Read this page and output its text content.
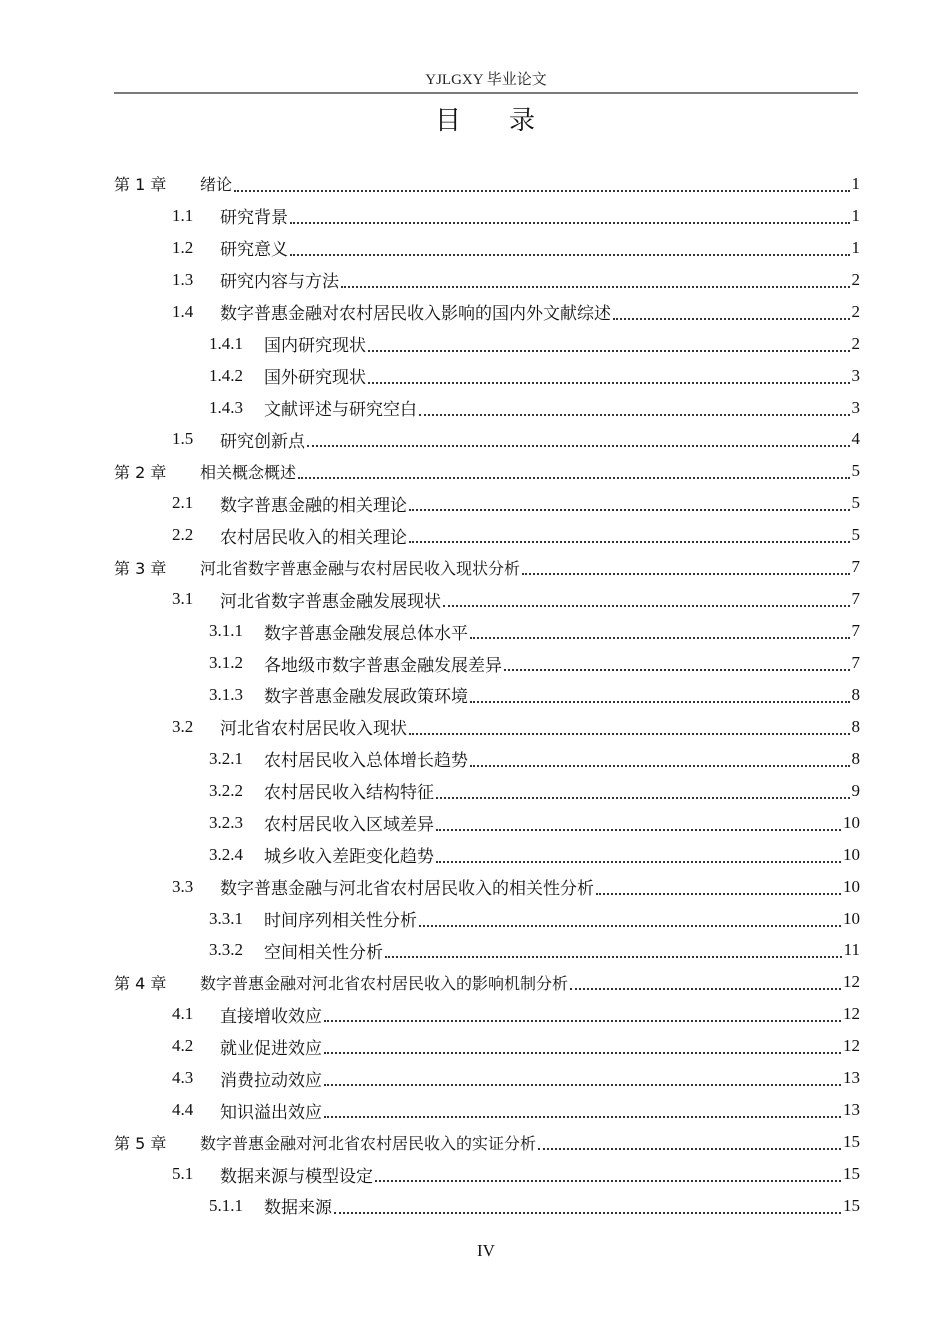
YJLGXY 毕业论文
目 录
第 1 章	绪论	1
1.1	研究背景	1
1.2	研究意义	1
1.3	研究内容与方法	2
1.4	数字普惠金融对农村居民收入影响的国内外文献综述	2
1.4.1	国内研究现状	2
1.4.2	国外研究现状	3
1.4.3	文献评述与研究空白	3
1.5	研究创新点	4
第 2 章	相关概念概述	5
2.1	数字普惠金融的相关理论	5
2.2	农村居民收入的相关理论	5
第 3 章	河北省数字普惠金融与农村居民收入现状分析	7
3.1	河北省数字普惠金融发展现状	7
3.1.1	数字普惠金融发展总体水平	7
3.1.2	各地级市数字普惠金融发展差异	7
3.1.3	数字普惠金融发展政策环境	8
3.2	河北省农村居民收入现状	8
3.2.1	农村居民收入总体增长趋势	8
3.2.2	农村居民收入结构特征	9
3.2.3	农村居民收入区域差异	10
3.2.4	城乡收入差距变化趋势	10
3.3	数字普惠金融与河北省农村居民收入的相关性分析	10
3.3.1	时间序列相关性分析	10
3.3.2	空间相关性分析	11
第 4 章	数字普惠金融对河北省农村居民收入的影响机制分析	12
4.1	直接增收效应	12
4.2	就业促进效应	12
4.3	消费拉动效应	13
4.4	知识溢出效应	13
第 5 章	数字普惠金融对河北省农村居民收入的实证分析	15
5.1	数据来源与模型设定	15
5.1.1	数据来源	15
IV
